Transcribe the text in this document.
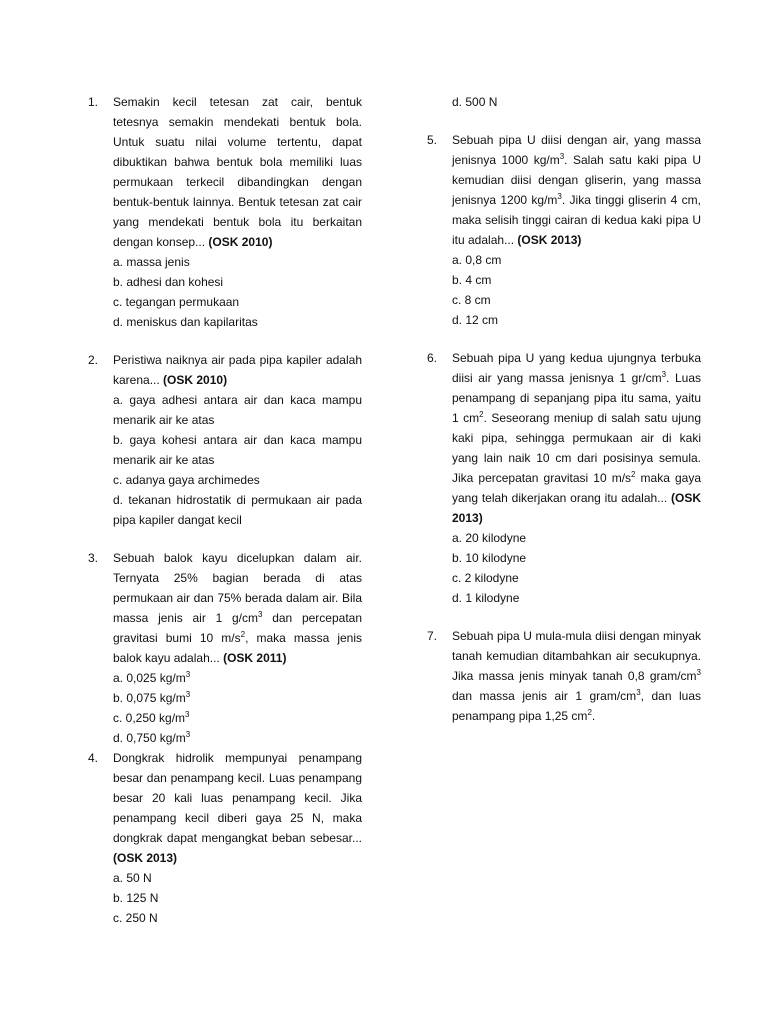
1.	Semakin kecil tetesan zat cair, bentuk tetesnya semakin mendekati bentuk bola. Untuk suatu nilai volume tertentu, dapat dibuktikan bahwa bentuk bola memiliki luas permukaan terkecil dibandingkan dengan bentuk-bentuk lainnya. Bentuk tetesan zat cair yang mendekati bentuk bola itu berkaitan dengan konsep... (OSK 2010)
a. massa jenis
b. adhesi dan kohesi
c. tegangan permukaan
d. meniskus dan kapilaritas
2.	Peristiwa naiknya air pada pipa kapiler adalah karena... (OSK 2010)
a. gaya adhesi antara air dan kaca mampu menarik air ke atas
b. gaya kohesi antara air dan kaca mampu menarik air ke atas
c. adanya gaya archimedes
d. tekanan hidrostatik di permukaan air pada pipa kapiler dangat kecil
3.	Sebuah balok kayu dicelupkan dalam air. Ternyata 25% bagian berada di atas permukaan air dan 75% berada dalam air. Bila massa jenis air 1 $g/cm^3$ dan percepatan gravitasi bumi 10 $m/s^2$, maka massa jenis balok kayu adalah... (OSK 2011)
a. 0,025 $kg/m^3$
b. 0,075 $kg/m^3$
c. 0,250 $kg/m^3$
d. 0,750 $kg/m^3$
4.	Dongkrak hidrolik mempunyai penampang besar dan penampang kecil. Luas penampang besar 20 kali luas penampang kecil. Jika penampang kecil diberi gaya 25 N, maka dongkrak dapat mengangkat beban sebesar... (OSK 2013)
a. 50 N
b. 125 N
c. 250 N
d. 500 N
5.	Sebuah pipa U diisi dengan air, yang massa jenisnya 1000 $kg/m^3$. Salah satu kaki pipa U kemudian diisi dengan gliserin, yang massa jenisnya 1200 $kg/m^3$. Jika tinggi gliserin 4 cm, maka selisih tinggi cairan di kedua kaki pipa U itu adalah... (OSK 2013)
a. 0,8 cm
b. 4 cm
c. 8 cm
d. 12 cm
6.	Sebuah pipa U yang kedua ujungnya terbuka diisi air yang massa jenisnya 1 $gr/cm^3$. Luas penampang di sepanjang pipa itu sama, yaitu 1 $cm^2$. Seseorang meniup di salah satu ujung kaki pipa, sehingga permukaan air di kaki yang lain naik 10 cm dari posisinya semula. Jika percepatan gravitasi 10 $m/s^2$ maka gaya yang telah dikerjakan orang itu adalah... (OSK 2013)
a. 20 kilodyne
b. 10 kilodyne
c. 2 kilodyne
d. 1 kilodyne
7.	Sebuah pipa U mula-mula diisi dengan minyak tanah kemudian ditambahkan air secukupnya. Jika massa jenis minyak tanah 0,8 gram/$cm^3$ dan massa jenis air 1 gram/$cm^3$, dan luas penampang pipa 1,25 $cm^2$.
